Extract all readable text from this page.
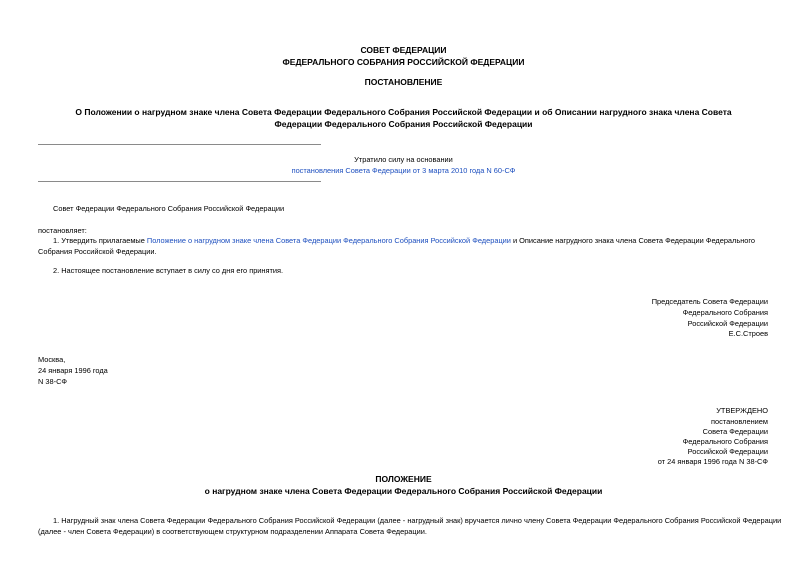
СОВЕТ ФЕДЕРАЦИИ
ФЕДЕРАЛЬНОГО СОБРАНИЯ РОССИЙСКОЙ ФЕДЕРАЦИИ
ПОСТАНОВЛЕНИЕ
О Положении о нагрудном знаке члена Совета Федерации Федерального Собрания Российской Федерации и об Описании нагрудного знака члена Совета
Федерации Федерального Собрания Российской Федерации
Утратило силу на основании
постановления Совета Федерации от 3 марта 2010 года N 60-СФ
Совет Федерации Федерального Собрания Российской Федерации
постановляет:
1. Утвердить прилагаемые Положение о нагрудном знаке члена Совета Федерации Федерального Собрания Российской Федерации и Описание нагрудного знака члена Совета Федерации Федерального Собрания Российской Федерации.
2. Настоящее постановление вступает в силу со дня его принятия.
Председатель Совета Федерации
Федерального Собрания
Российской Федерации
Е.С.Строев
Москва,
24 января 1996 года
N 38-СФ
УТВЕРЖДЕНО
постановлением
Совета Федерации
Федерального Собрания
Российской Федерации
от 24 января 1996 года N 38-СФ
ПОЛОЖЕНИЕ
о нагрудном знаке члена Совета Федерации Федерального Собрания Российской Федерации
1. Нагрудный знак члена Совета Федерации Федерального Собрания Российской Федерации (далее - нагрудный знак) вручается лично члену Совета Федерации Федерального Собрания Российской Федерации
(далее - член Совета Федерации) в соответствующем структурном подразделении Аппарата Совета Федерации.
